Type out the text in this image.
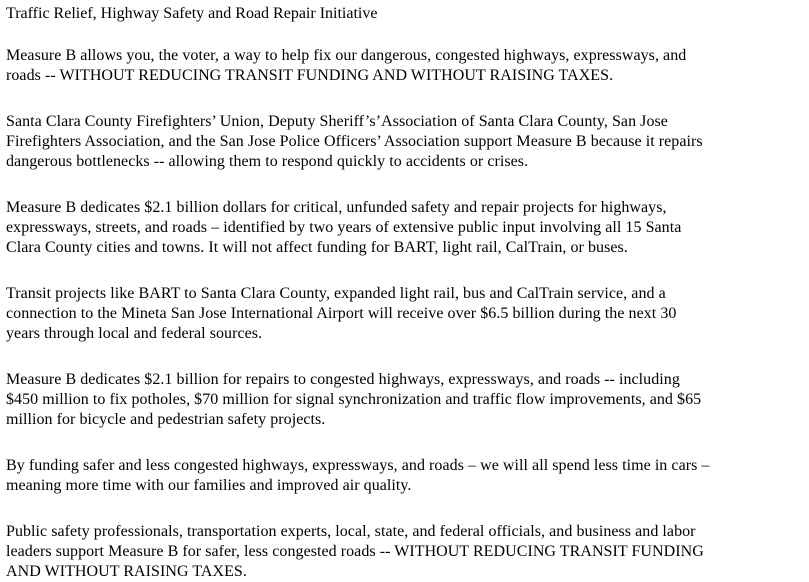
Traffic Relief, Highway Safety and Road Repair Initiative

Measure B allows you, the voter, a way to help fix our dangerous, congested highways, expressways, and
roads -- WITHOUT REDUCING TRANSIT FUNDING AND WITHOUT RAISING TAXES.

Santa Clara County Firefighters’ Union, Deputy Sheriff’s’Association of Santa Clara County, San Jose
Firefighters Association, and the San Jose Police Officers’ Association support Measure B because it repairs
dangerous bottlenecks -- allowing them to respond quickly to accidents or crises.

Measure B dedicates $2.1 billion dollars for critical, unfunded safety and repair projects for highways,
expressways, streets, and roads – identified by two years of extensive public input involving all 15 Santa
Clara County cities and towns. It will not affect funding for BART, light rail, CalTrain, or buses.

Transit projects like BART to Santa Clara County, expanded light rail, bus and CalTrain service, and a
connection to the Mineta San Jose International Airport will receive over $6.5 billion during the next 30
years through local and federal sources.

Measure B dedicates $2.1 billion for repairs to congested highways, expressways, and roads -- including
$450 million to fix potholes, $70 million for signal synchronization and traffic flow improvements, and $65
million for bicycle and pedestrian safety projects.

By funding safer and less congested highways, expressways, and roads – we will all spend less time in cars –
meaning more time with our families and improved air quality.

Public safety professionals, transportation experts, local, state, and federal officials, and business and labor
leaders support Measure B for safer, less congested roads -- WITHOUT REDUCING TRANSIT FUNDING
AND WITHOUT RAISING TAXES.
